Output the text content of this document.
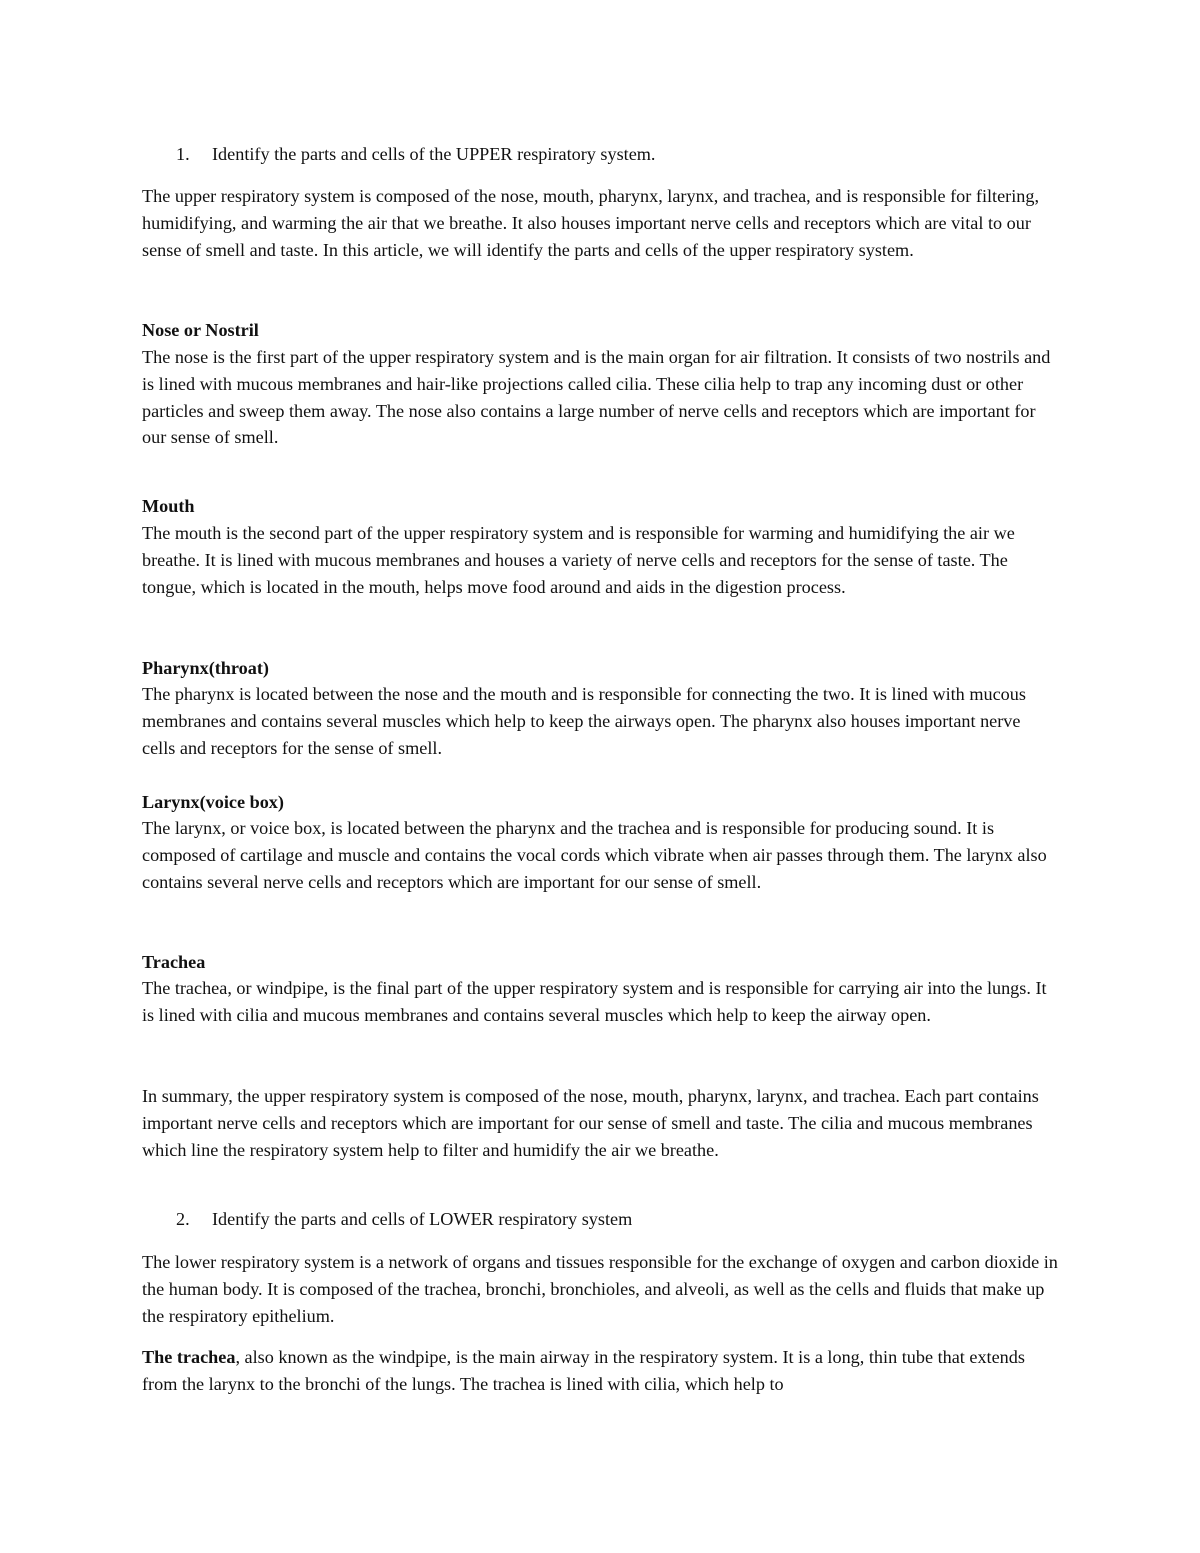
1. Identify the parts and cells of the UPPER respiratory system.

The upper respiratory system is composed of the nose, mouth, pharynx, larynx, and trachea, and is responsible for filtering, humidifying, and warming the air that we breathe. It also houses important nerve cells and receptors which are vital to our sense of smell and taste. In this article, we will identify the parts and cells of the upper respiratory system.

Nose or Nostril

The nose is the first part of the upper respiratory system and is the main organ for air filtration. It consists of two nostrils and is lined with mucous membranes and hair-like projections called cilia. These cilia help to trap any incoming dust or other particles and sweep them away. The nose also contains a large number of nerve cells and receptors which are important for our sense of smell.

Mouth

The mouth is the second part of the upper respiratory system and is responsible for warming and humidifying the air we breathe. It is lined with mucous membranes and houses a variety of nerve cells and receptors for the sense of taste. The tongue, which is located in the mouth, helps move food around and aids in the digestion process.

Pharynx(throat)

The pharynx is located between the nose and the mouth and is responsible for connecting the two. It is lined with mucous membranes and contains several muscles which help to keep the airways open. The pharynx also houses important nerve cells and receptors for the sense of smell.

Larynx(voice box)

The larynx, or voice box, is located between the pharynx and the trachea and is responsible for producing sound. It is composed of cartilage and muscle and contains the vocal cords which vibrate when air passes through them. The larynx also contains several nerve cells and receptors which are important for our sense of smell.

Trachea

The trachea, or windpipe, is the final part of the upper respiratory system and is responsible for carrying air into the lungs. It is lined with cilia and mucous membranes and contains several muscles which help to keep the airway open.

In summary, the upper respiratory system is composed of the nose, mouth, pharynx, larynx, and trachea. Each part contains important nerve cells and receptors which are important for our sense of smell and taste. The cilia and mucous membranes which line the respiratory system help to filter and humidify the air we breathe.

2. Identify the parts and cells of LOWER respiratory system

The lower respiratory system is a network of organs and tissues responsible for the exchange of oxygen and carbon dioxide in the human body. It is composed of the trachea, bronchi, bronchioles, and alveoli, as well as the cells and fluids that make up the respiratory epithelium.

The trachea, also known as the windpipe, is the main airway in the respiratory system. It is a long, thin tube that extends from the larynx to the bronchi of the lungs. The trachea is lined with cilia, which help to
